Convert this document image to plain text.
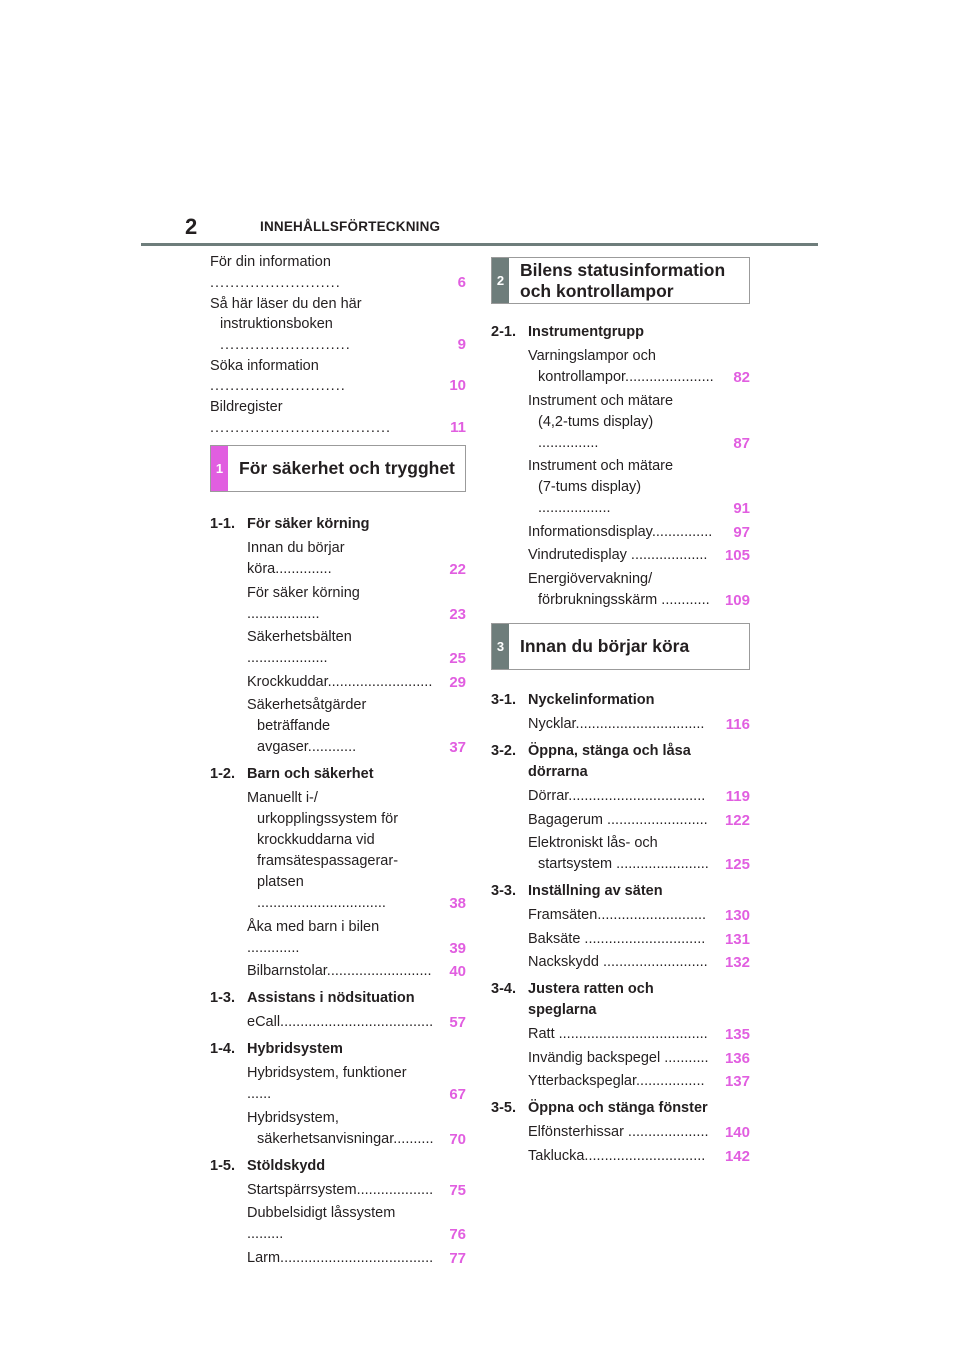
2	INNEHÅLLSFÖRTECKNING
För din information ..........................	6
Så här läser du den här
instruktionsboken ..........................	9
Söka information ...........................	10
Bildregister ....................................	11
1 För säkerhet och trygghet
1-1. För säker körning
Innan du börjar köra..............	22
För säker körning ..................	23
Säkerhetsbälten ....................	25
Krockkuddar.......................... 29
Säkerhetsåtgärder
beträffande avgaser............	37
1-2. Barn och säkerhet
Manuellt i-/
urkopplingssystem för
krockkuddarna vid
framsätespassagerar-
platsen ................................	38
Åka med barn i bilen .............	39
Bilbarnstolar.......................... 40
1-3. Assistans i nödsituation
eCall...................................... 57
1-4. Hybridsystem
Hybridsystem, funktioner ......	67
Hybridsystem,
säkerhetsanvisningar.......... 70
1-5. Stöldskydd
Startspärrsystem................... 75
Dubbelsidigt låssystem .........	76
Larm...................................... 77
2
Bilens statusinformation
och kontrollampor
2-1. Instrumentgrupp
Varningslampor och
kontrollampor...................... 82
Instrument och mätare
(4,2-tums display) ...............	87
Instrument och mätare
(7-tums display) ..................	91
Informationsdisplay............... 97
Vindrutedisplay ................... 105
Energiövervakning/
förbrukningsskärm ............	109
3 Innan du börjar köra
3-1. Nyckelinformation
Nycklar................................ 116
3-2. Öppna, stänga och låsa
dörrarna
Dörrar.................................. 119
Bagagerum ......................... 122
Elektroniskt lås- och
startsystem .......................	125
3-3. Inställning av säten
Framsäten........................... 130
Baksäte .............................. 131
Nackskydd .......................... 132
3-4. Justera ratten och
speglarna
Ratt ..................................... 135
Invändig backspegel ........... 136
Ytterbackspeglar................. 137
3-5. Öppna och stänga fönster
Elfönsterhissar .................... 140
Taklucka.............................. 142
